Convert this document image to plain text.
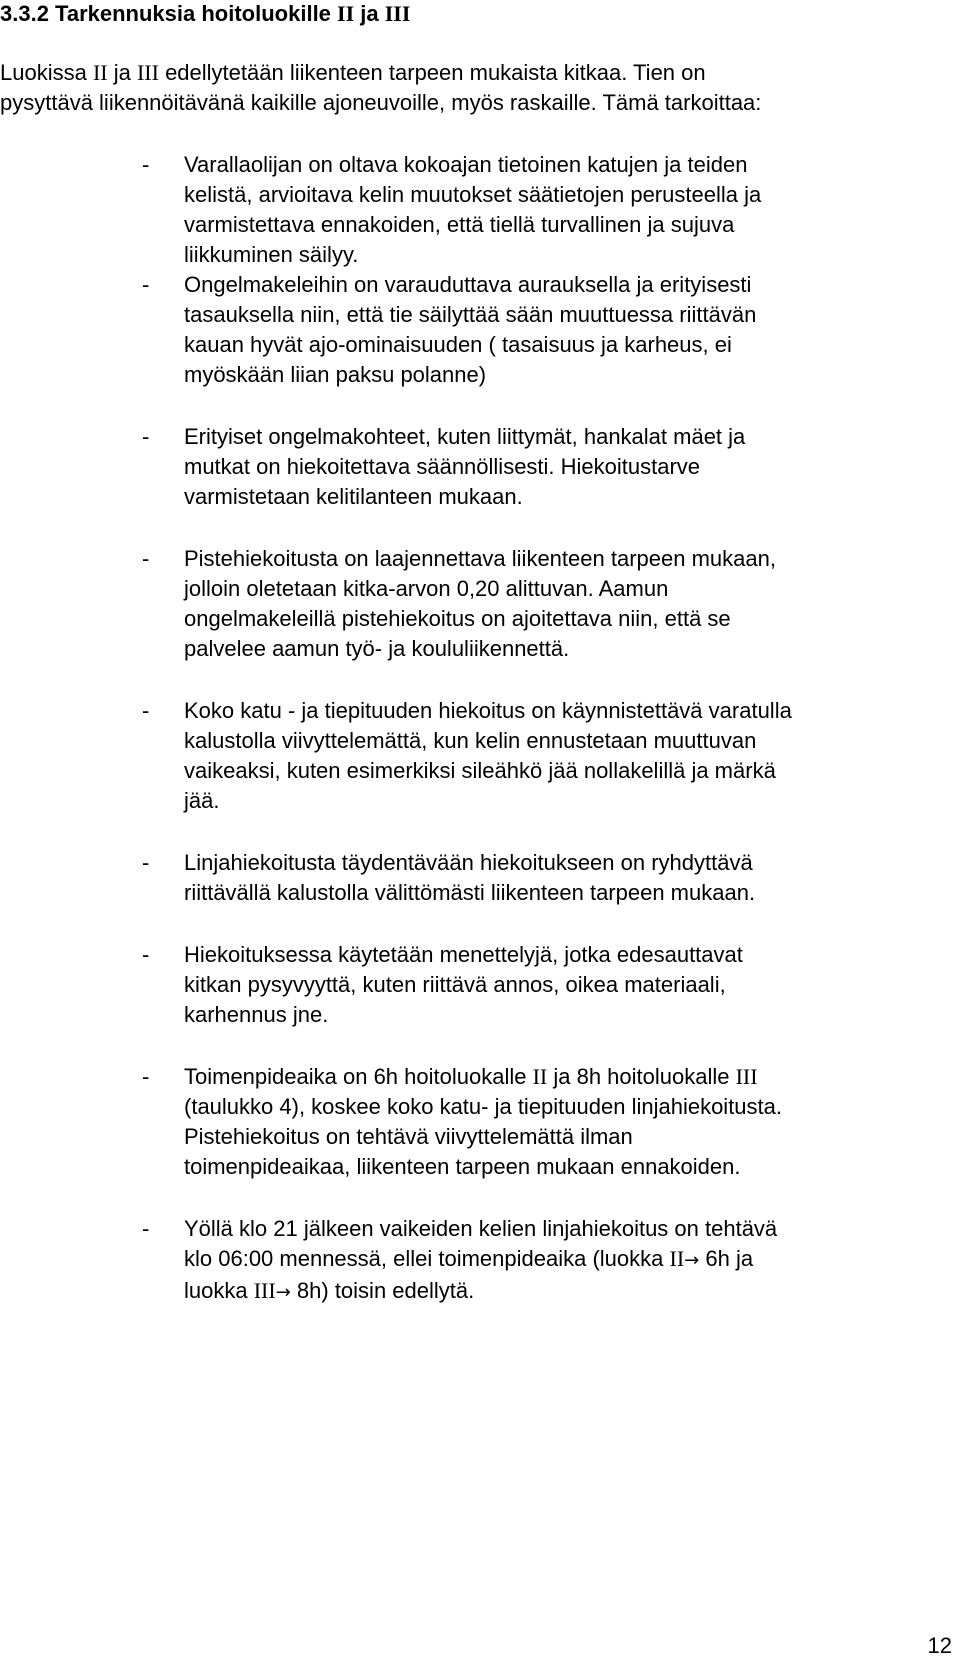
3.3.2 Tarkennuksia hoitoluokille II ja III
Luokissa II ja III edellytetään liikenteen tarpeen mukaista kitkaa. Tien on
pysyttävä liikennöitävänä kaikille ajoneuvoille, myös raskaille. Tämä tarkoittaa:
- Varallaolijan on oltava kokoajan tietoinen katujen ja teiden
kelistä, arvioitava kelin muutokset säätietojen perusteella ja
varmistettava ennakoiden, että tiellä turvallinen ja sujuva
liikkuminen säilyy.
- Ongelmakeleihin on varauduttava aurauksella ja erityisesti
tasauksella niin, että tie säilyttää sään muuttuessa riittävän
kauan hyvät ajo-ominaisuuden ( tasaisuus ja karheus, ei
myöskään liian paksu polanne)
- Erityiset ongelmakohteet, kuten liittymät, hankalat mäet ja
mutkat on hiekoitettava säännöllisesti. Hiekoitustarve
varmistetaan kelitilanteen mukaan.
- Pistehiekoitusta on laajennettava liikenteen tarpeen mukaan,
jolloin oletetaan kitka-arvon 0,20 alittuvan. Aamun
ongelmakeleillä pistehiekoitus on ajoitettava niin, että se
palvelee aamun työ- ja koululiikennettä.
- Koko katu - ja tiepituuden hiekoitus on käynnistettävä varatulla
kalustolla viivyttelemättä, kun kelin ennustetaan muuttuvan
vaikeaksi, kuten esimerkiksi sileähkö jää nollakelillä ja märkä
jää.
- Linjahiekoitusta täydentävään hiekoitukseen on ryhdyttävä
riittävällä kalustolla välittömästi liikenteen tarpeen mukaan.
- Hiekoituksessa käytetään menettelyjä, jotka edesauttavat
kitkan pysyvyyttä, kuten riittävä annos, oikea materiaali,
karhennus jne.
- Toimenpideaika on 6h hoitoluokalle II ja 8h hoitoluokalle III
(taulukko 4), koskee koko katu- ja tiepituuden linjahiekoitusta.
Pistehiekoitus on tehtävä viivyttelemättä ilman
toimenpideaikaa, liikenteen tarpeen mukaan ennakoiden.
- Yöllä klo 21 jälkeen vaikeiden kelien linjahiekoitus on tehtävä
klo 06:00 mennessä, ellei toimenpideaika (luokka II→ 6h ja
luokka III→ 8h) toisin edellytä.
12
